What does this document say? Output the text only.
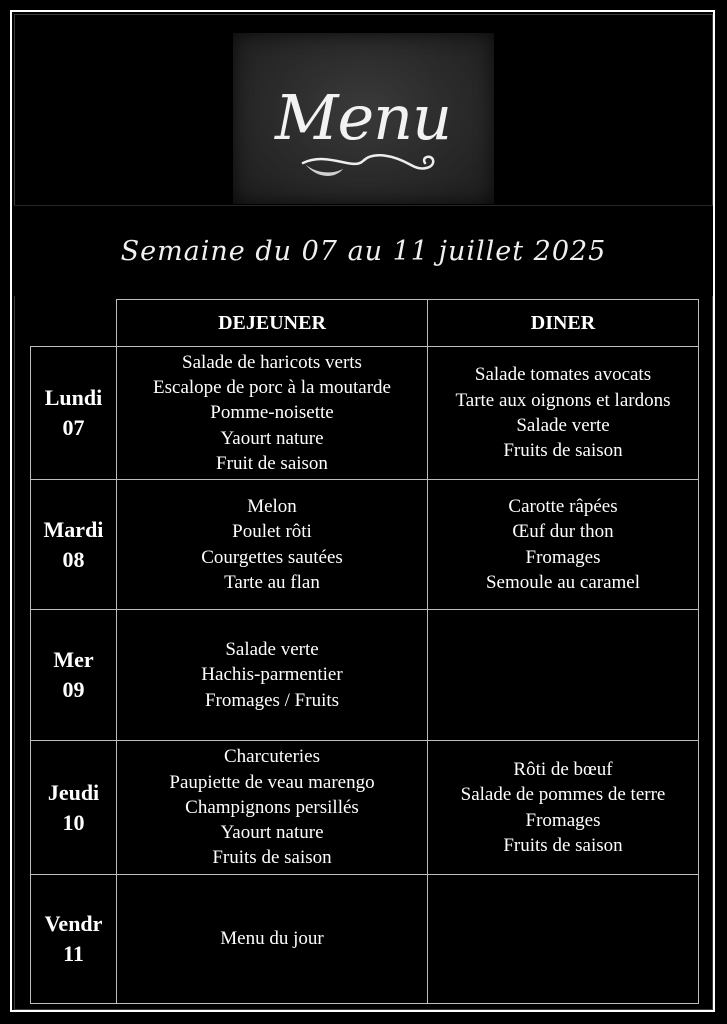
Menu
Semaine du 07 au 11 juillet 2025
	DEJEUNER	DINER

Lundi
07	Salade de haricots verts
Escalope de porc à la moutarde
Pomme-noisette
Yaourt nature
Fruit de saison	Salade tomates avocats
Tarte aux oignons et lardons
Salade verte
Fruits de saison

Mardi
08	Melon
Poulet rôti
Courgettes sautées
Tarte au flan	Carotte râpées
Œuf dur thon
Fromages
Semoule au caramel

Mer
09	Salade verte
Hachis-parmentier
Fromages / Fruits	

Jeudi
10	Charcuteries
Paupiette de veau marengo
Champignons persillés
Yaourt nature
Fruits de saison	Rôti de bœuf
Salade de pommes de terre
Fromages
Fruits de saison

Vendr
11	Menu du jour	
